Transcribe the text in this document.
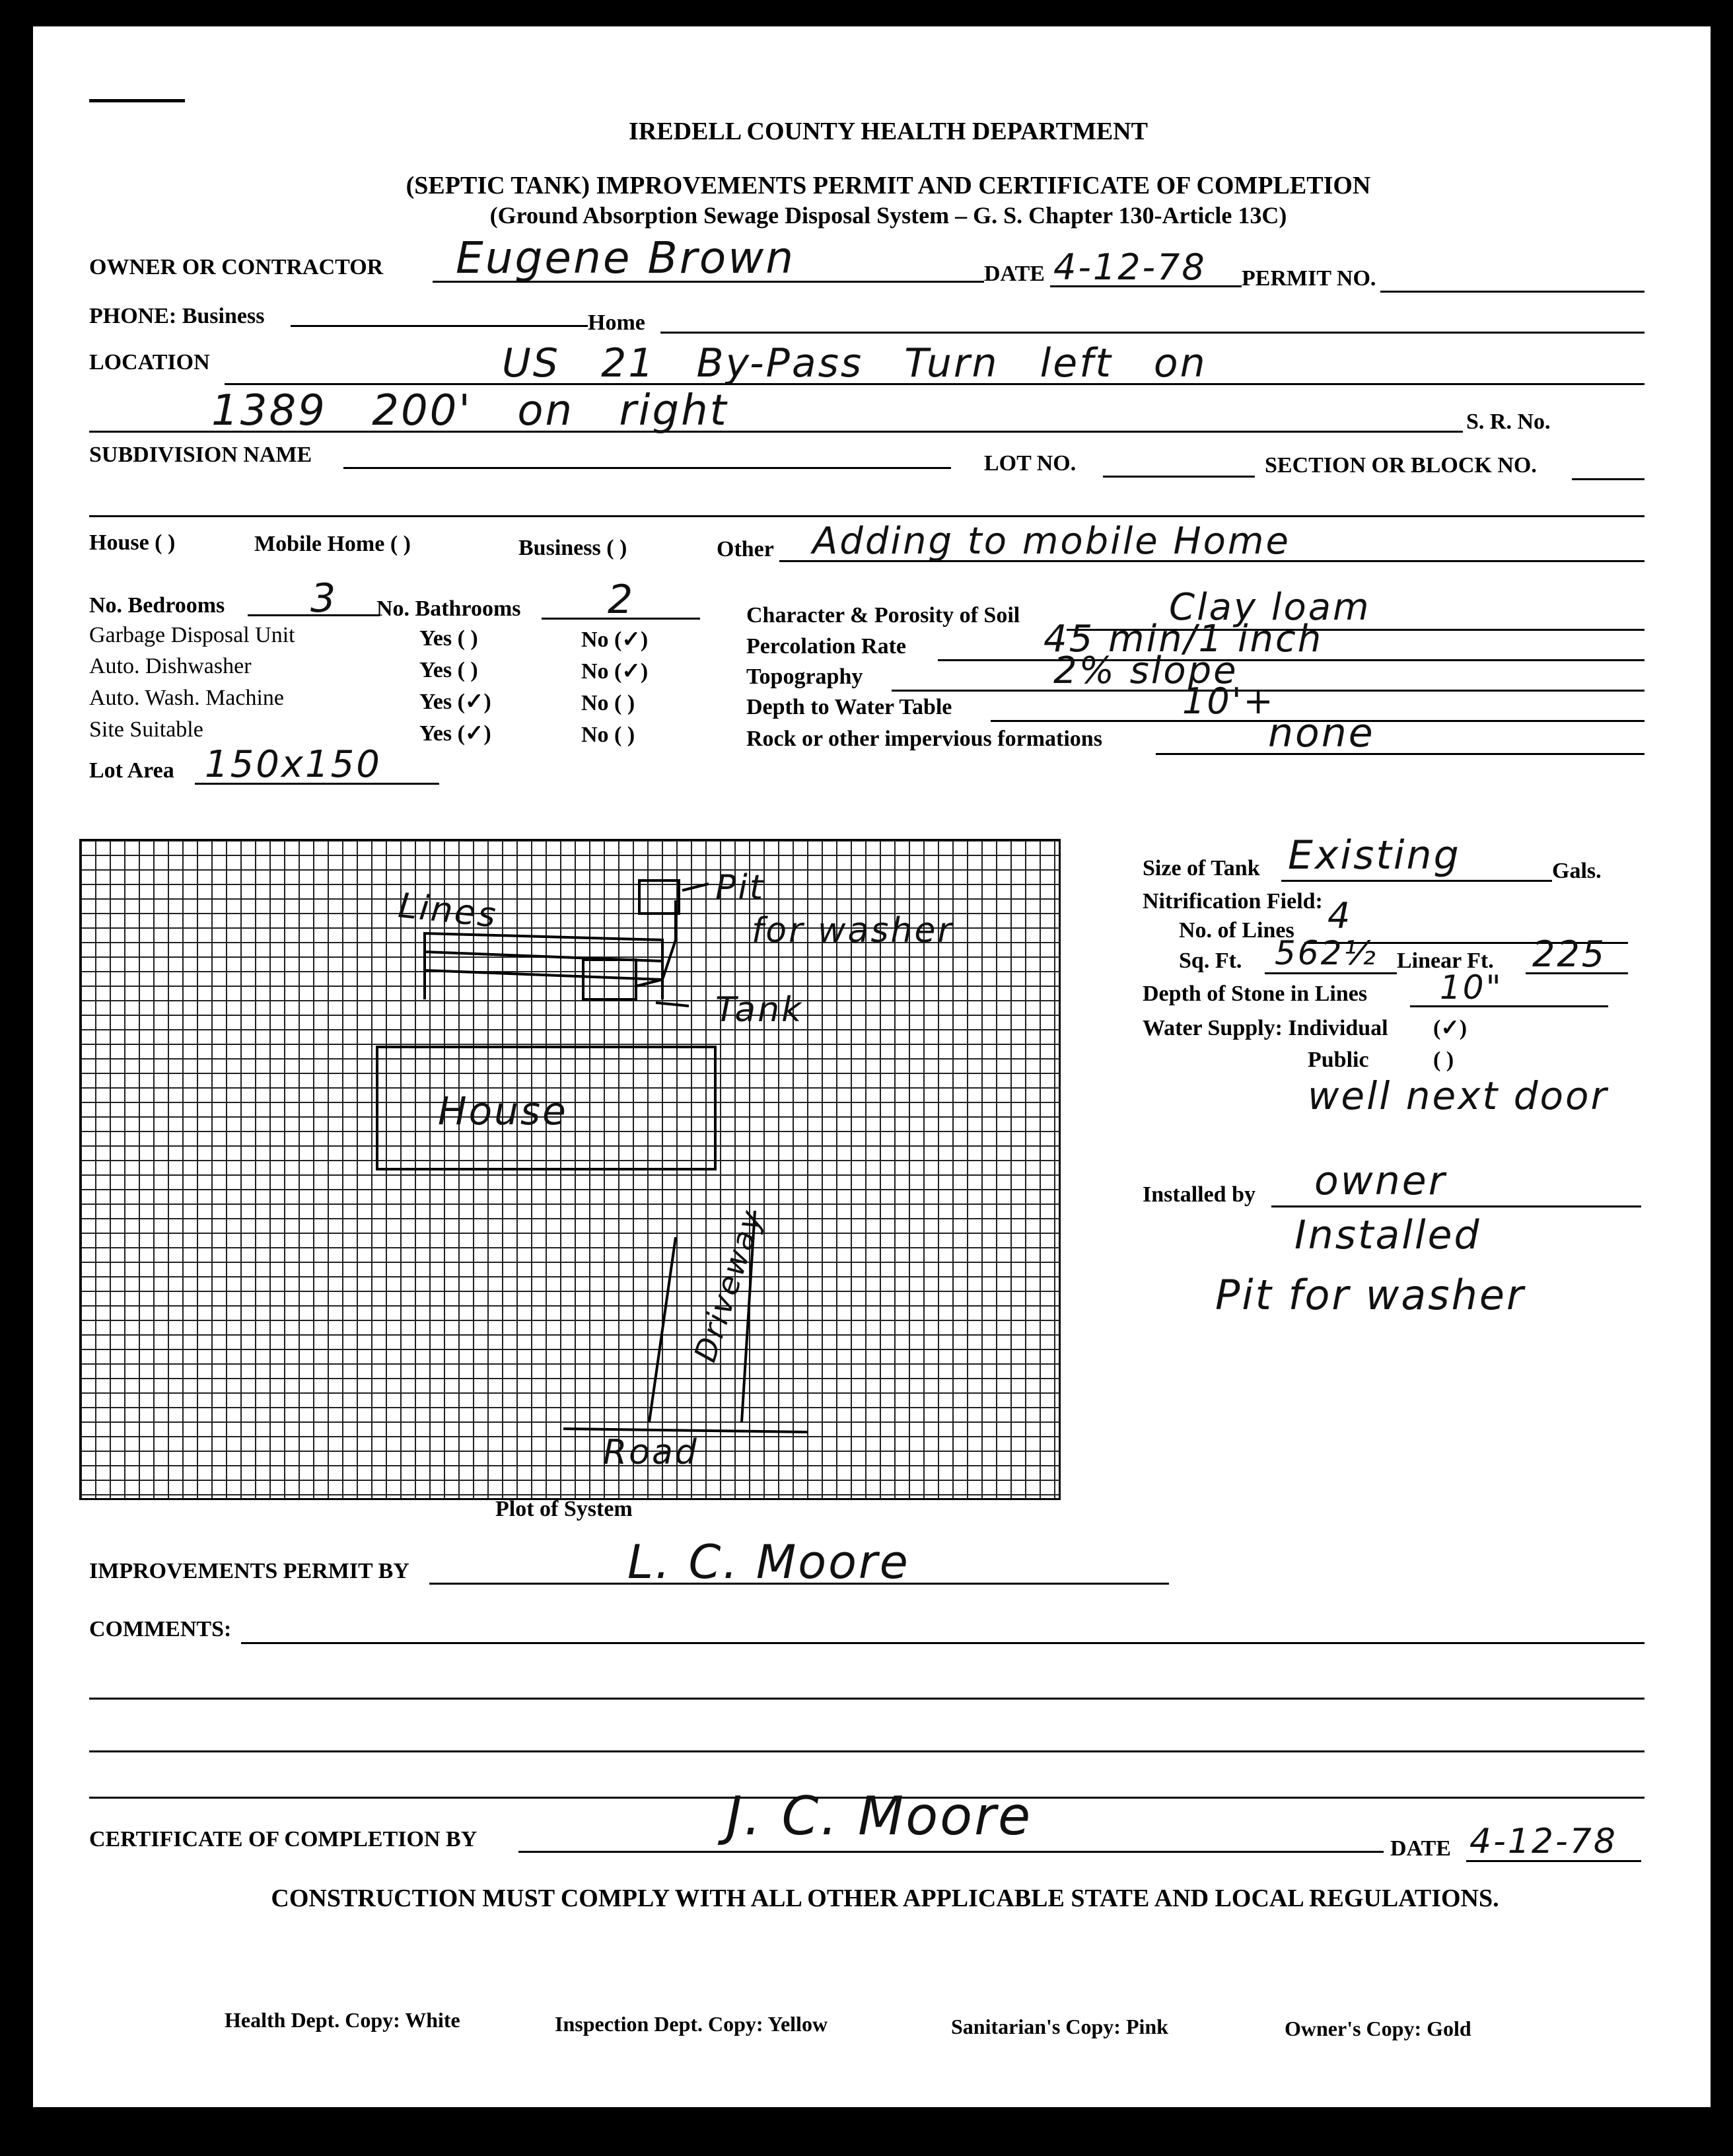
IREDELL COUNTY HEALTH DEPARTMENT
(SEPTIC TANK) IMPROVEMENTS PERMIT AND CERTIFICATE OF COMPLETION
(Ground Absorption Sewage Disposal System – G. S. Chapter 130-Article 13C)
OWNER OR CONTRACTOR Eugene Brown	DATE 4-12-78 PERMIT NO.
PHONE: Business	Home
LOCATION	US 21 By-Pass Turn left on
1389 200' on right	S. R. No.
SUBDIVISION NAME	LOT NO.	SECTION OR BLOCK NO.
House ( )	Mobile Home ( )	Business ( )	Other Adding to mobile Home
No. Bedrooms 3 No. Bathrooms 2
Garbage Disposal Unit	Yes ( )	No (✓)
Auto. Dishwasher	Yes ( )	No (✓)
Auto. Wash. Machine	Yes (✓)	No ( )
Site Suitable	Yes (✓)	No ( )
Lot Area 150x150
Character & Porosity of Soil	Clay loam
Percolation Rate	45 min/1 inch
Topography	2% slope
Depth to Water Table	10'+
Rock or other impervious formations	none
Lines	Pit
for washer
Tank
House
Driveway
Road
Plot of System
Size of Tank Existing	Gals.
Nitrification Field:
No. of Lines 4
Sq. Ft. 562½ Linear Ft. 225
Depth of Stone in Lines 10"
Water Supply: Individual (✓)
Public	( )
well next door
Installed by owner
Installed
Pit for washer
IMPROVEMENTS PERMIT BY	L. C. Moore
COMMENTS:
CERTIFICATE OF COMPLETION BY	J. C. Moore
DATE 4-12-78
CONSTRUCTION MUST COMPLY WITH ALL OTHER APPLICABLE STATE AND LOCAL REGULATIONS.
Health Dept. Copy: White	Inspection Dept. Copy: Yellow	Sanitarian's Copy: Pink	Owner's Copy: Gold
